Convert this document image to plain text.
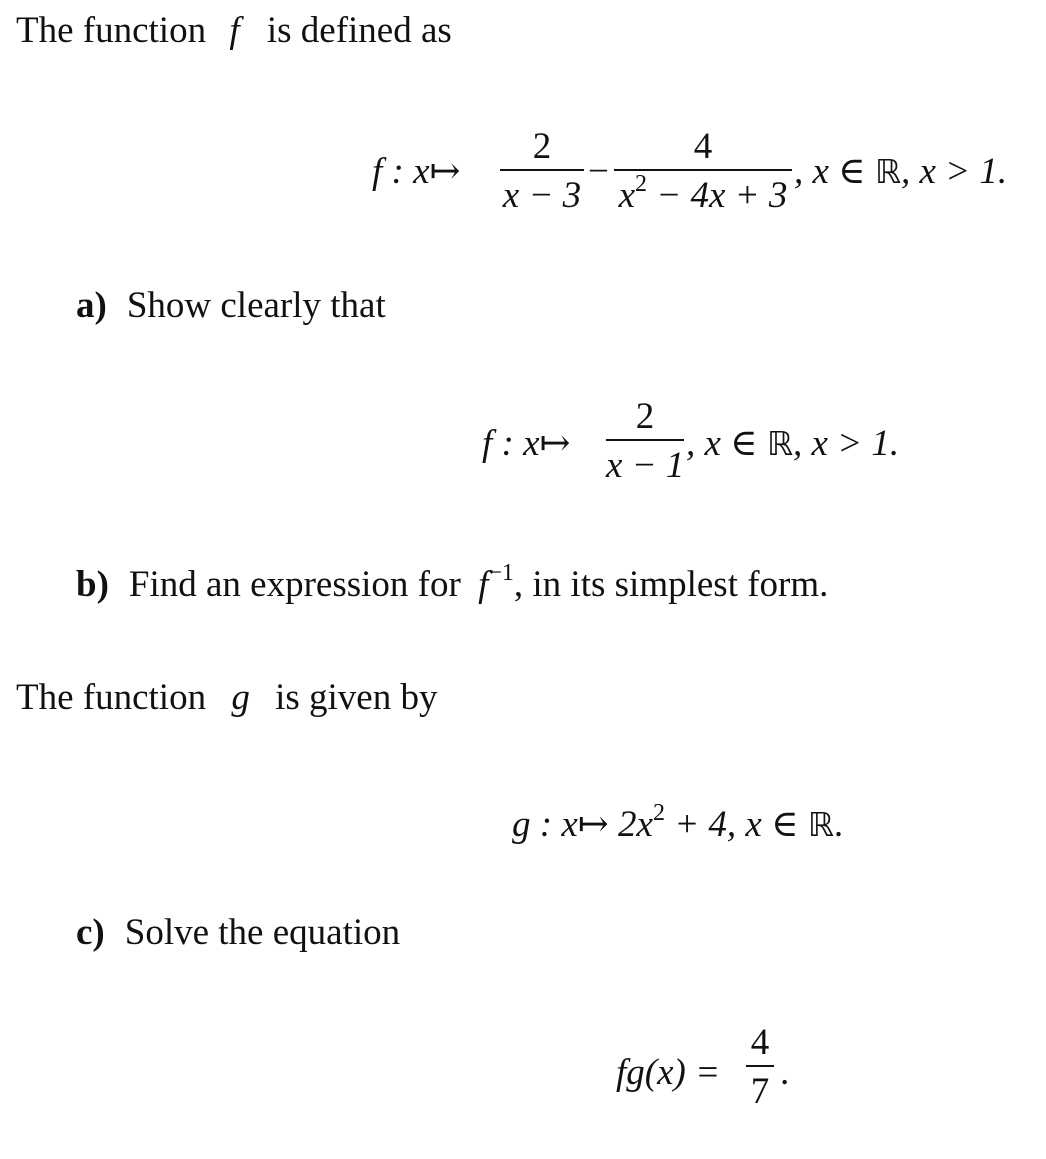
The function f is defined as
f : x↦
2
x − 3
−
4
$x^2 - 4x + 3$
, x ∈ ℝ, x > 1.
a) Show clearly that
f : x↦
2
x − 1
, x ∈ ℝ, x > 1.
b) Find an expression for $f^{-1}$, in its simplest form.
The function g is given by
g : x↦ $2x^2 + 4$, x ∈ ℝ.
c) Solve the equation
fg(x) =
4
7 .
